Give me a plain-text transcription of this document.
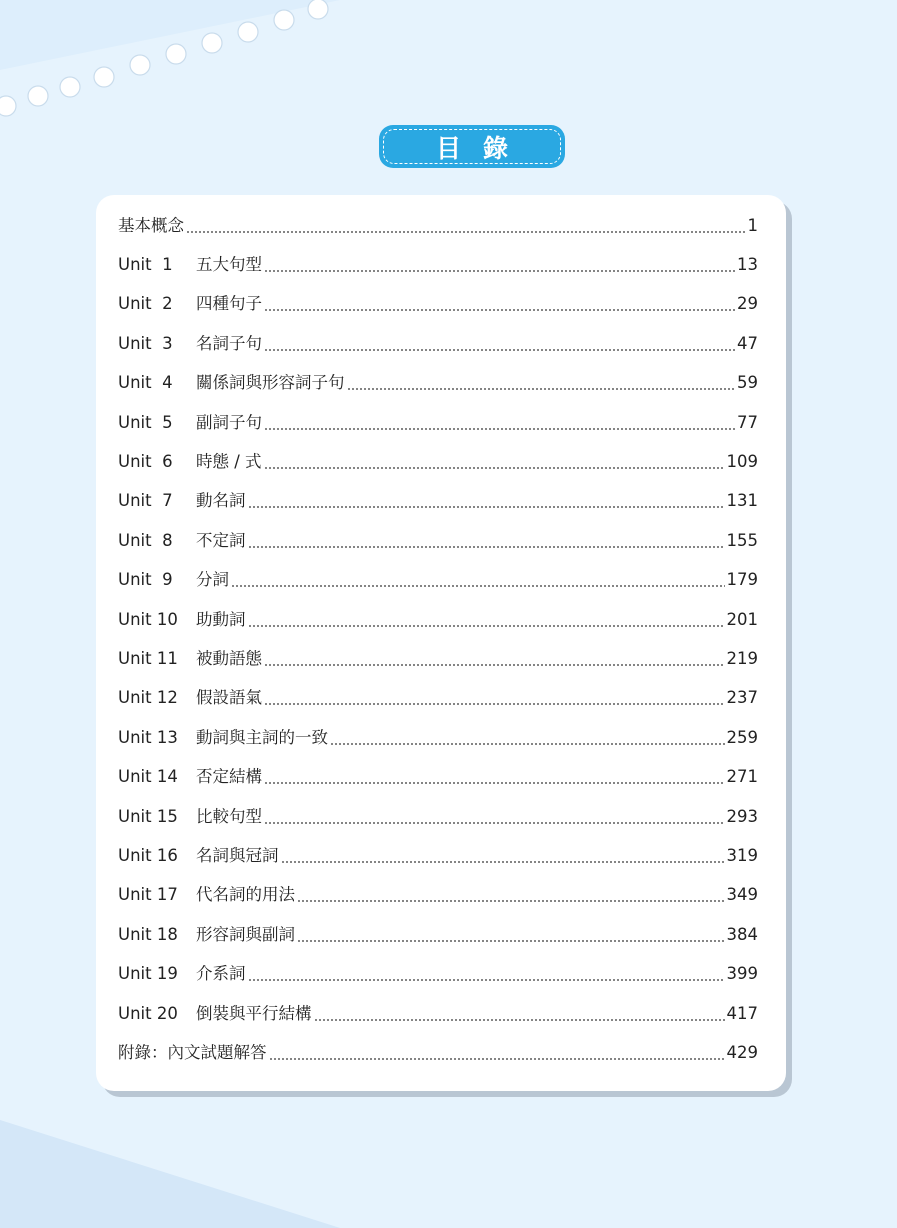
目錄
基本概念	1
Unit  1	五大句型	13
Unit  2	四種句子	29
Unit  3	名詞子句	47
Unit  4	關係詞與形容詞子句	59
Unit  5	副詞子句	77
Unit  6	時態 / 式	109
Unit  7	動名詞	131
Unit  8	不定詞	155
Unit  9	分詞	179
Unit 10	助動詞	201
Unit 11	被動語態	219
Unit 12	假設語氣	237
Unit 13	動詞與主詞的一致	259
Unit 14	否定結構	271
Unit 15	比較句型	293
Unit 16	名詞與冠詞	319
Unit 17	代名詞的用法	349
Unit 18	形容詞與副詞	384
Unit 19	介系詞	399
Unit 20	倒裝與平行結構	417
附錄：內文試題解答	429
